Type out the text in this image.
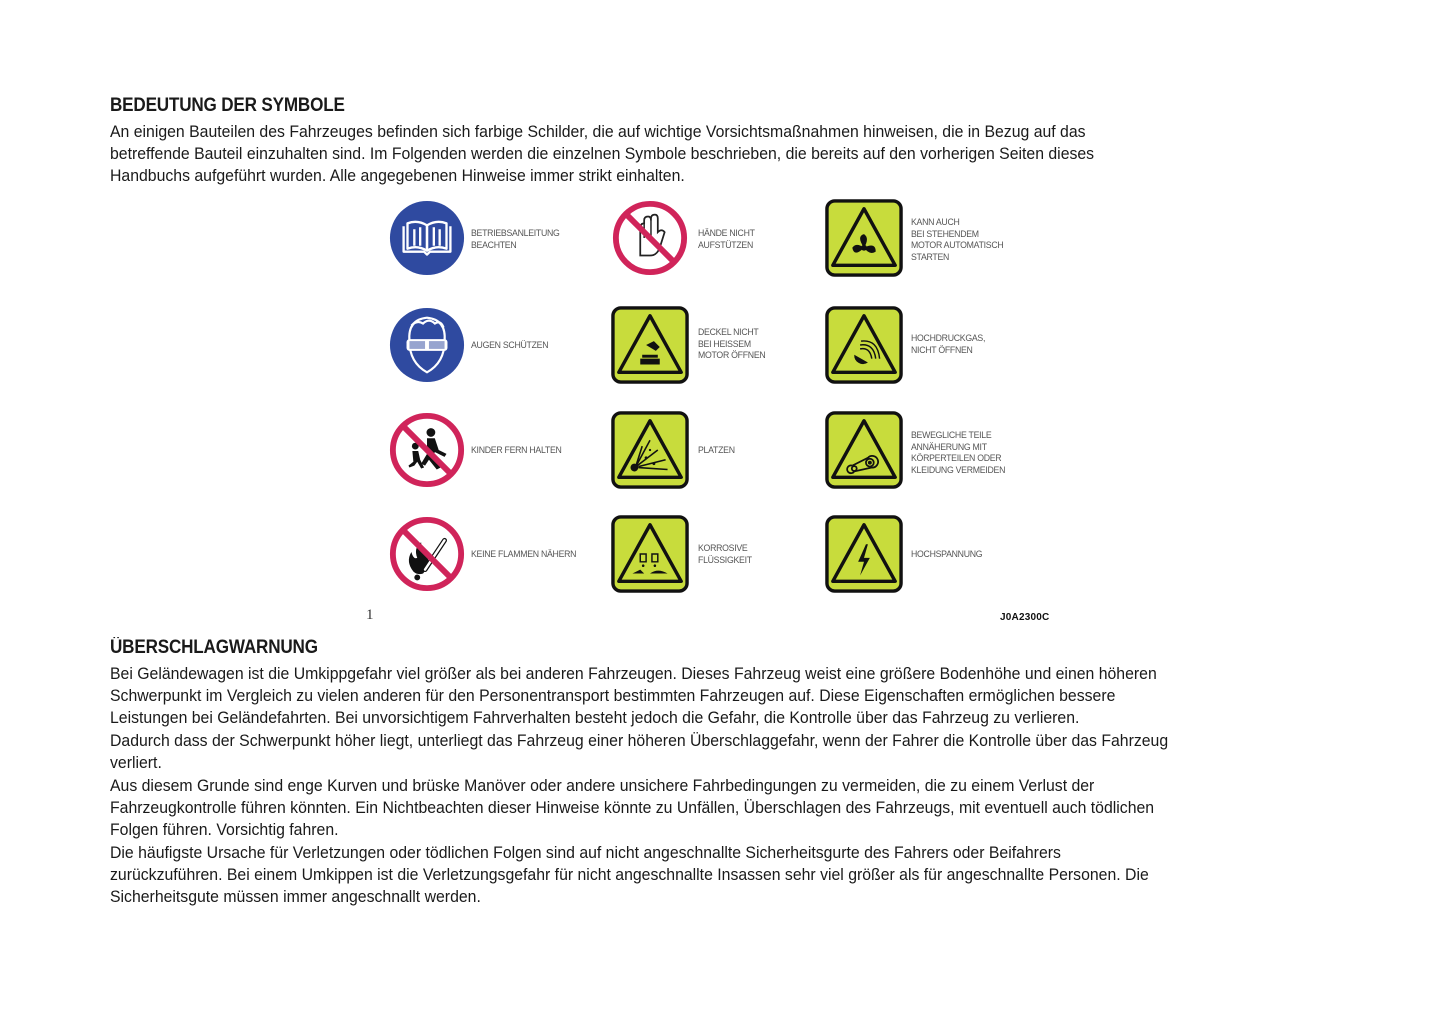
BEDEUTUNG DER SYMBOLE
An einigen Bauteilen des Fahrzeuges befinden sich farbige Schilder, die auf wichtige Vorsichtsmaßnahmen hinweisen, die in Bezug auf das
betreffende Bauteil einzuhalten sind. Im Folgenden werden die einzelnen Symbole beschrieben, die bereits auf den vorherigen Seiten dieses
Handbuchs aufgeführt wurden. Alle angegebenen Hinweise immer strikt einhalten.
ÜBERSCHLAGWARNUNG
Bei Geländewagen ist die Umkippgefahr viel größer als bei anderen Fahrzeugen. Dieses Fahrzeug weist eine größere Bodenhöhe und einen höheren
Schwerpunkt im Vergleich zu vielen anderen für den Personentransport bestimmten Fahrzeugen auf. Diese Eigenschaften ermöglichen bessere
Leistungen bei Geländefahrten. Bei unvorsichtigem Fahrverhalten besteht jedoch die Gefahr, die Kontrolle über das Fahrzeug zu verlieren.
Dadurch dass der Schwerpunkt höher liegt, unterliegt das Fahrzeug einer höheren Überschlaggefahr, wenn der Fahrer die Kontrolle über das Fahrzeug
verliert.
Aus diesem Grunde sind enge Kurven und brüske Manöver oder andere unsichere Fahrbedingungen zu vermeiden, die zu einem Verlust der
Fahrzeugkontrolle führen könnten. Ein Nichtbeachten dieser Hinweise könnte zu Unfällen, Überschlagen des Fahrzeugs, mit eventuell auch tödlichen
Folgen führen. Vorsichtig fahren.
Die häufigste Ursache für Verletzungen oder tödlichen Folgen sind auf nicht angeschnallte Sicherheitsgurte des Fahrers oder Beifahrers
zurückzuführen. Bei einem Umkippen ist die Verletzungsgefahr für nicht angeschnallte Insassen sehr viel größer als für angeschnallte Personen. Die
Sicherheitsgute müssen immer angeschnallt werden.
BETRIEBSANLEITUNG
BEACHTEN
HÄNDE NICHT
AUFSTÜTZEN
KANN AUCH
BEI STEHENDEM
MOTOR AUTOMATISCH
STARTEN
AUGEN SCHÜTZEN
DECKEL NICHT
BEI HEISSEM
MOTOR ÖFFNEN
HOCHDRUCKGAS,
NICHT ÖFFNEN
KINDER FERN HALTEN	PLATZEN
BEWEGLICHE TEILE
ANNÄHERUNG MIT
KÖRPERTEILEN ODER
KLEIDUNG VERMEIDEN
KEINE FLAMMEN NÄHERN
KORROSIVE
FLÜSSIGKEIT	HOCHSPANNUNG
1	J0A2300C
